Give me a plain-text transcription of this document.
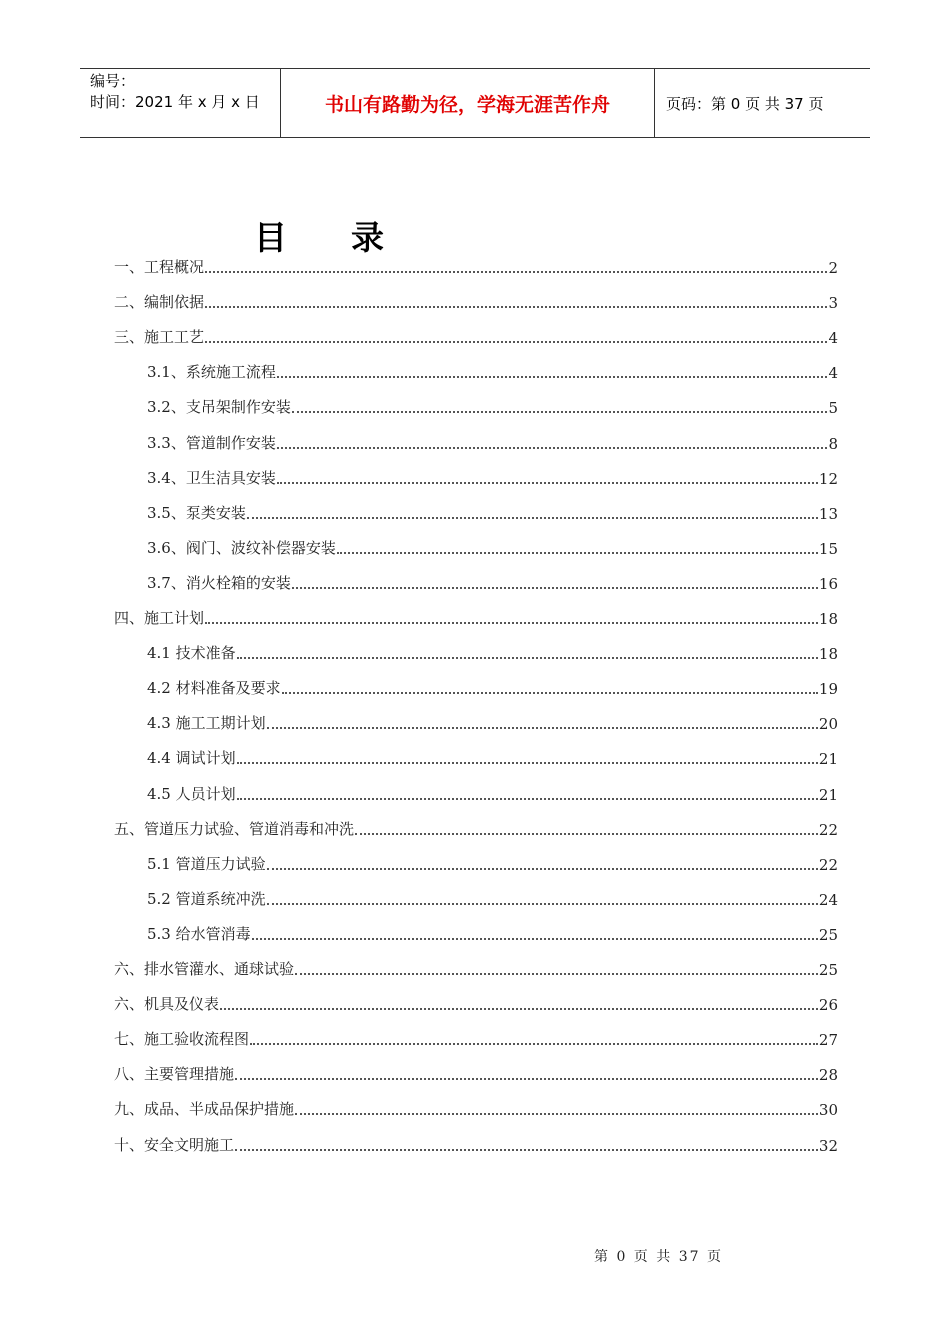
编号：
时间：2021 年 x 月 x 日	书山有路勤为径，学海无涯苦作舟	页码：第 0 页 共 37 页
目录
一、工程概况	2
二、编制依据	3
三、施工工艺	4
3.1、系统施工流程	4
3.2、支吊架制作安装	5
3.3、管道制作安装	8
3.4、卫生洁具安装	12
3.5、泵类安装	13
3.6、阀门、波纹补偿器安装	15
3.7、消火栓箱的安装	16
四、施工计划	18
4.1 技术准备	18
4.2 材料准备及要求	19
4.3 施工工期计划	20
4.4 调试计划	21
4.5 人员计划	21
五、管道压力试验、管道消毒和冲洗	22
5.1 管道压力试验	22
5.2 管道系统冲洗	24
5.3 给水管消毒	25
六、排水管灌水、通球试验	25
六、机具及仪表	26
七、施工验收流程图	27
八、主要管理措施	28
九、成品、半成品保护措施	30
十、安全文明施工	32
第 0 页 共 37 页
